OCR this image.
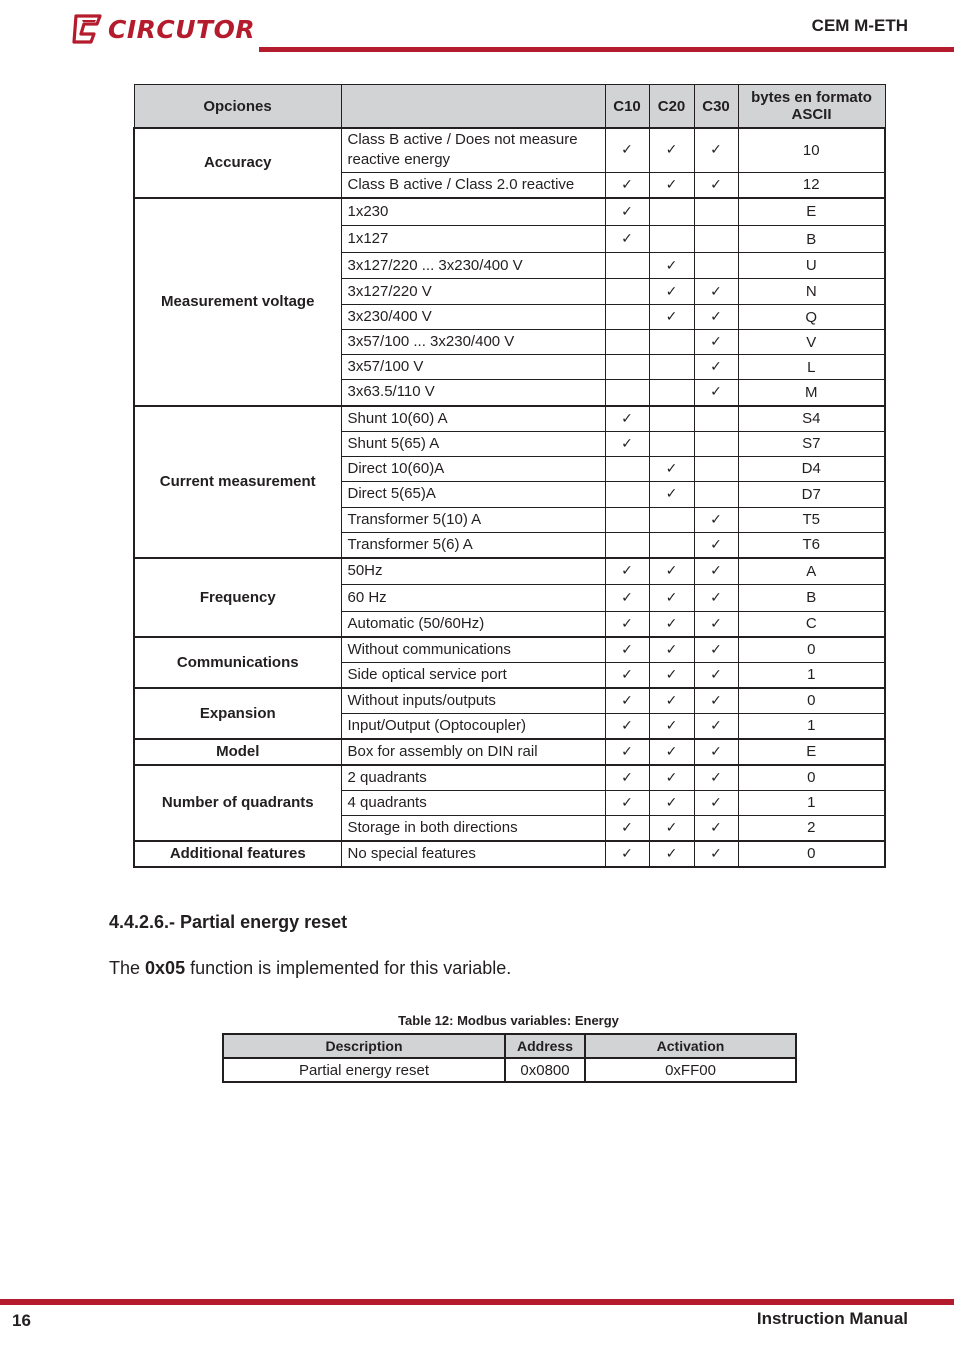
CIRCUTOR	CEM M-ETH
Opciones		C10	C20	C30	bytes en formato ASCII
Accuracy	Class B active / Does not measure reactive energy	✓	✓	✓	10
	Class B active / Class 2.0 reactive	✓	✓	✓	12
Measurement voltage	1x230	✓			E
	1x127	✓			B
	3x127/220 ... 3x230/400 V		✓		U
	3x127/220 V		✓	✓	N
	3x230/400 V		✓	✓	Q
	3x57/100 ... 3x230/400 V			✓	V
	3x57/100 V			✓	L
	3x63.5/110 V			✓	M
Current measurement	Shunt 10(60) A	✓			S4
	Shunt 5(65) A	✓			S7
	Direct 10(60)A		✓		D4
	Direct 5(65)A		✓		D7
	Transformer 5(10) A			✓	T5
	Transformer 5(6) A			✓	T6
Frequency	50Hz	✓	✓	✓	A
	60 Hz	✓	✓	✓	B
	Automatic (50/60Hz)	✓	✓	✓	C
Communications	Without communications	✓	✓	✓	0
	Side optical service port	✓	✓	✓	1
Expansion	Without inputs/outputs	✓	✓	✓	0
	Input/Output (Optocoupler)	✓	✓	✓	1
Model	Box for assembly on DIN rail	✓	✓	✓	E
Number of quadrants	2 quadrants	✓	✓	✓	0
	4 quadrants	✓	✓	✓	1
	Storage in both directions	✓	✓	✓	2
Additional features	No special features	✓	✓	✓	0
4.4.2.6.- Partial energy reset
The 0x05 function is implemented for this variable.
Table 12: Modbus variables: Energy
Description	Address	Activation
Partial energy reset	0x0800	0xFF00
16	Instruction Manual
